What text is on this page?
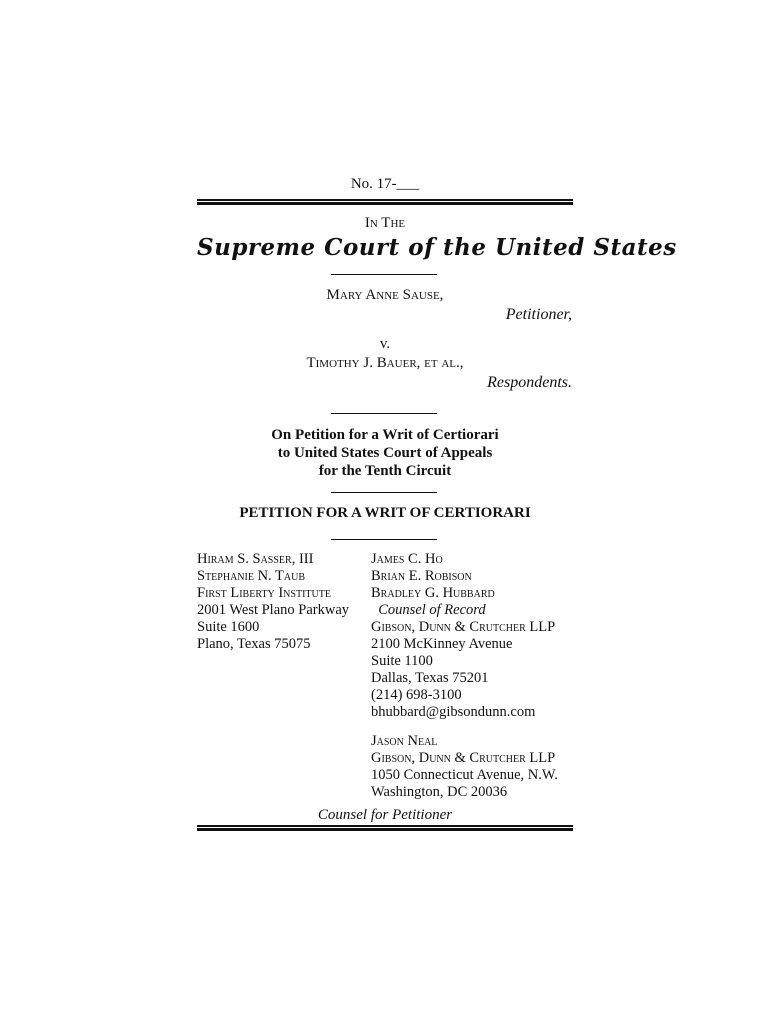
No. 17-___
In The
Supreme Court of the United States
Mary Anne Sause,
Petitioner,
v.
Timothy J. Bauer, et al.,
Respondents.
On Petition for a Writ of Certiorari
to United States Court of Appeals
for the Tenth Circuit
PETITION FOR A WRIT OF CERTIORARI
Hiram S. Sasser, III
Stephanie N. Taub
First Liberty Institute
2001 West Plano Parkway
Suite 1600
Plano, Texas 75075
James C. Ho
Brian E. Robison
Bradley G. Hubbard
Counsel of Record
Gibson, Dunn & Crutcher LLP
2100 McKinney Avenue
Suite 1100
Dallas, Texas 75201
(214) 698-3100
bhubbard@gibsondunn.com
Jason Neal
Gibson, Dunn & Crutcher LLP
1050 Connecticut Avenue, N.W.
Washington, DC 20036
Counsel for Petitioner
